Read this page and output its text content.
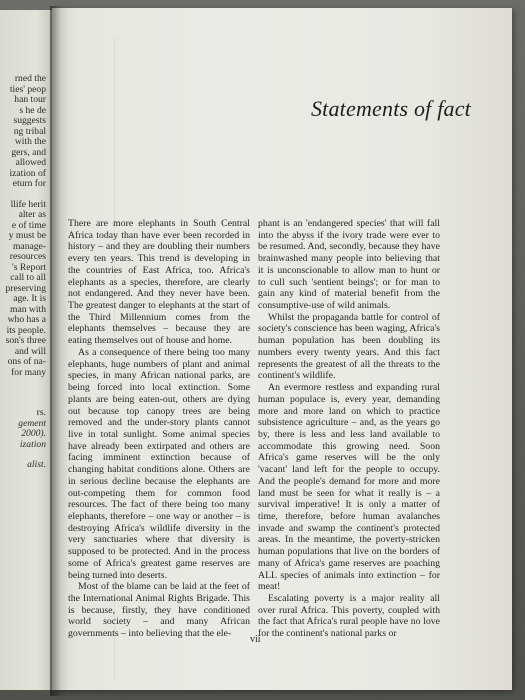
rned the
ties' peop
han tour
s he de
suggests
ng tribal
with the
gers, and
allowed
ization of
eturn for

llife herit
alter as
e of time
y must be
manage-
resources
's Report
call to all
preserving
age. It is
man with
who has a
its people.
son's three
and will
ons of na-
for many

rs.
gement
2000).
ization

alist.
Statements of fact

There are more elephants in South Central Africa today than have ever been recorded in history – and they are doubling their numbers every ten years. This trend is developing in the countries of East Africa, too. Africa's elephants as a species, therefore, are clearly not endangered. And they never have been. The greatest danger to elephants at the start of the Third Millennium comes from the elephants themselves – because they are eating themselves out of house and home.

As a consequence of there being too many elephants, huge numbers of plant and animal species, in many African national parks, are being forced into local extinction. Some plants are being eaten-out, others are dying out because top canopy trees are being removed and the under-story plants cannot live in total sunlight. Some animal species have already been extirpated and others are facing imminent extinction because of changing habitat conditions alone. Others are in serious decline because the elephants are out-competing them for common food resources. The fact of there being too many elephants, therefore – one way or another – is destroying Africa's wildlife diversity in the very sanctuaries where that diversity is supposed to be protected. And in the process some of Africa's greatest game reserves are being turned into deserts.

Most of the blame can be laid at the feet of the International Animal Rights Brigade. This is because, firstly, they have conditioned world society – and many African governments – into believing that the ele-

phant is an 'endangered species' that will fall into the abyss if the ivory trade were ever to be resumed. And, secondly, because they have brainwashed many people into believing that it is unconscionable to allow man to hunt or to cull such 'sentient beings'; or for man to gain any kind of material benefit from the consumptive-use of wild animals.

Whilst the propaganda battle for control of society's conscience has been waging, Africa's human population has been doubling its numbers every twenty years. And this fact represents the greatest of all the threats to the continent's wildlife.

An evermore restless and expanding rural human populace is, every year, demanding more and more land on which to practice subsistence agriculture – and, as the years go by, there is less and less land available to accommodate this growing need. Soon Africa's game reserves will be the only 'vacant' land left for the people to occupy. And the people's demand for more and more land must be seen for what it really is – a survival imperative! It is only a matter of time, therefore, before human avalanches invade and swamp the continent's protected areas. In the meantime, the poverty-stricken human populations that live on the borders of many of Africa's game reserves are poaching ALL species of animals into extinction – for meat!

Escalating poverty is a major reality all over rural Africa. This poverty, coupled with the fact that Africa's rural people have no love for the continent's national parks or

vii
